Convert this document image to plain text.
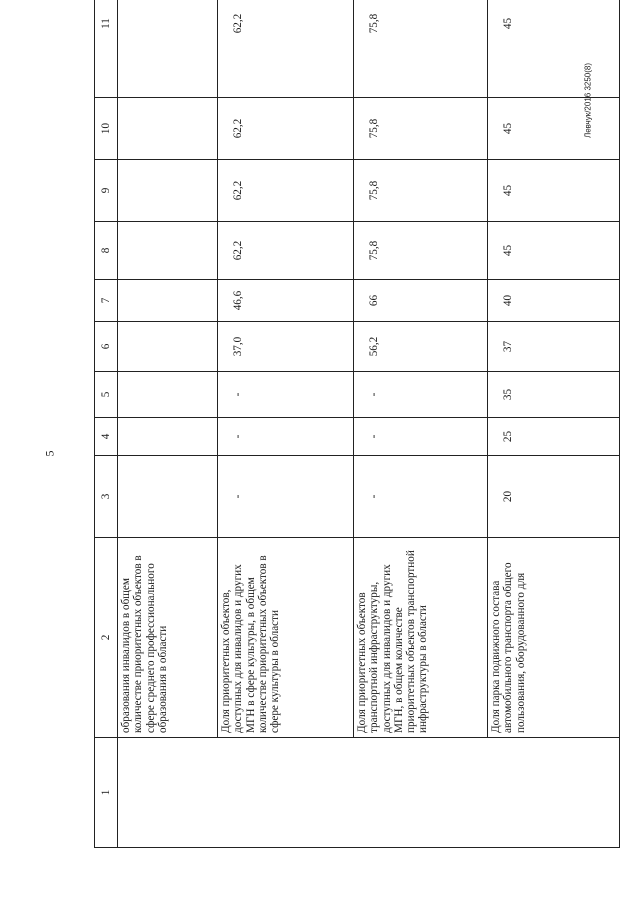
5
Левчук/2016 3250(8)
1	2	3	4	5	6	7	8	9	10	11
	образования инвалидов в общем количестве приоритетных объектов в сфере среднего профессионального образования в области									
	Доля приоритетных объектов, доступных для инвалидов и других МГН в сфере культуры, в общем количестве приоритетных объектов в сфере культуры в области	-	-	-	37,0	46,6	62,2	62,2	62,2	62,2
	Доля приоритетных объектов транспортной инфраструктуры, доступных для инвалидов и других МГН, в общем количестве приоритетных объектов транспортной инфраструктуры в области	-	-	-	56,2	66	75,8	75,8	75,8	75,8
	Доля парка подвижного состава автомобильного транспорта общего пользования, оборудованного для	20	25	35	37	40	45	45	45	45
